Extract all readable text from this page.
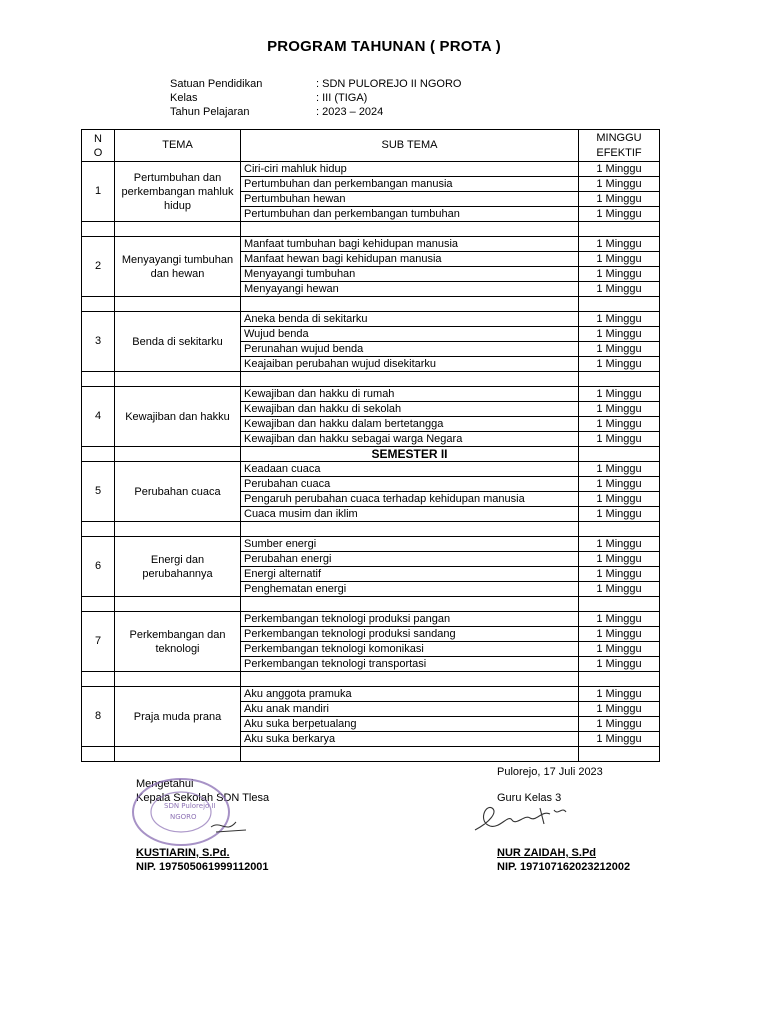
PROGRAM TAHUNAN ( PROTA )
Satuan Pendidikan	: SDN PULOREJO II NGORO
Kelas	: III (TIGA)
Tahun Pelajaran	: 2023 – 2024
N O	TEMA	SUB TEMA	MINGGU EFEKTIF
1	Pertumbuhan dan perkembangan mahluk hidup	Ciri-ciri mahluk hidup	1 Minggu
		Pertumbuhan dan perkembangan manusia	1 Minggu
		Pertumbuhan hewan	1 Minggu
		Pertumbuhan dan perkembangan tumbuhan	1 Minggu

2	Menyayangi tumbuhan dan hewan	Manfaat tumbuhan bagi kehidupan manusia	1 Minggu
		Manfaat hewan bagi kehidupan manusia	1 Minggu
		Menyayangi tumbuhan	1 Minggu
		Menyayangi hewan	1 Minggu

3	Benda di sekitarku	Aneka benda di sekitarku	1 Minggu
		Wujud benda	1 Minggu
		Perunahan wujud benda	1 Minggu
		Keajaiban perubahan wujud disekitarku	1 Minggu

4	Kewajiban dan hakku	Kewajiban dan hakku di rumah	1 Minggu
		Kewajiban dan hakku di sekolah	1 Minggu
		Kewajiban dan hakku dalam bertetangga	1 Minggu
		Kewajiban dan hakku sebagai warga Negara	1 Minggu
		SEMESTER II	
5	Perubahan cuaca	Keadaan cuaca	1 Minggu
		Perubahan cuaca	1 Minggu
		Pengaruh perubahan cuaca terhadap kehidupan manusia	1 Minggu
		Cuaca musim dan iklim	1 Minggu

6	Energi dan perubahannya	Sumber energi	1 Minggu
		Perubahan energi	1 Minggu
		Energi alternatif	1 Minggu
		Penghematan energi	1 Minggu

7	Perkembangan dan teknologi	Perkembangan teknologi produksi pangan	1 Minggu
		Perkembangan teknologi produksi sandang	1 Minggu
		Perkembangan teknologi komonikasi	1 Minggu
		Perkembangan teknologi transportasi	1 Minggu

8	Praja muda prana	Aku anggota pramuka	1 Minggu
		Aku anak mandiri	1 Minggu
		Aku suka berpetualang	1 Minggu
		Aku suka berkarya	1 Minggu

Pulorejo, 17 Juli 2023
Mengetahui
Kepala Sekolah SDN Tlesa	Guru Kelas 3
SDN Pulorejo II
NGORO
KUSTIARIN, S.Pd.
NIP. 197505061999112001
NUR ZAIDAH, S.Pd
NIP. 197107162023212002
